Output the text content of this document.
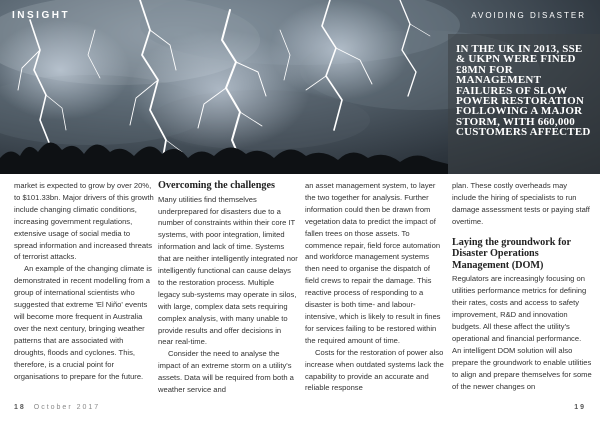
INSIGHT	AVOIDING DISASTER
IN THE UK IN 2013, SSE & UKPN WERE FINED £8MN FOR MANAGEMENT FAILURES OF SLOW POWER RESTORATION FOLLOWING A MAJOR STORM, WITH 660,000 CUSTOMERS AFFECTED

market is expected to grow by over 20%, to $101.33bn. Major drivers of this growth include changing climatic conditions, increasing government regulations, extensive usage of social media to spread information and increased threats of terrorist attacks.

An example of the changing climate is demonstrated in recent modelling from a group of international scientists who suggested that extreme 'El Niño' events will become more frequent in Australia over the next century, bringing weather patterns that are associated with droughts, floods and cyclones. This, therefore, is a crucial point for organisations to prepare for the future.

Overcoming the challenges

Many utilities find themselves underprepared for disasters due to a number of constraints within their core IT systems, with poor integration, limited information and lack of time. Systems that are neither intelligently integrated nor intelligently functional can cause delays to the restoration process. Multiple legacy sub-systems may operate in silos, with large, complex data sets requiring complex analysis, with many unable to provide results and offer decisions in near real-time.

Consider the need to analyse the impact of an extreme storm on a utility's assets. Data will be required from both a weather service and

an asset management system, to layer the two together for analysis. Further information could then be drawn from vegetation data to predict the impact of fallen trees on those assets. To commence repair, field force automation and workforce management systems then need to organise the dispatch of field crews to repair the damage. This reactive process of responding to a disaster is both time- and labour-intensive, which is likely to result in fines for services failing to be restored within the required amount of time.

Costs for the restoration of power also increase when outdated systems lack the capability to provide an accurate and reliable response

plan. These costly overheads may include the hiring of specialists to run damage assessment tests or paying staff overtime.

Laying the groundwork for Disaster Operations Management (DOM)

Regulators are increasingly focusing on utilities performance metrics for defining their rates, costs and access to safety improvement, R&D and innovation budgets. All these affect the utility's operational and financial performance. An intelligent DOM solution will also prepare the groundwork to enable utilities to align and prepare themselves for some of the newer changes on

18 October 2017	19
